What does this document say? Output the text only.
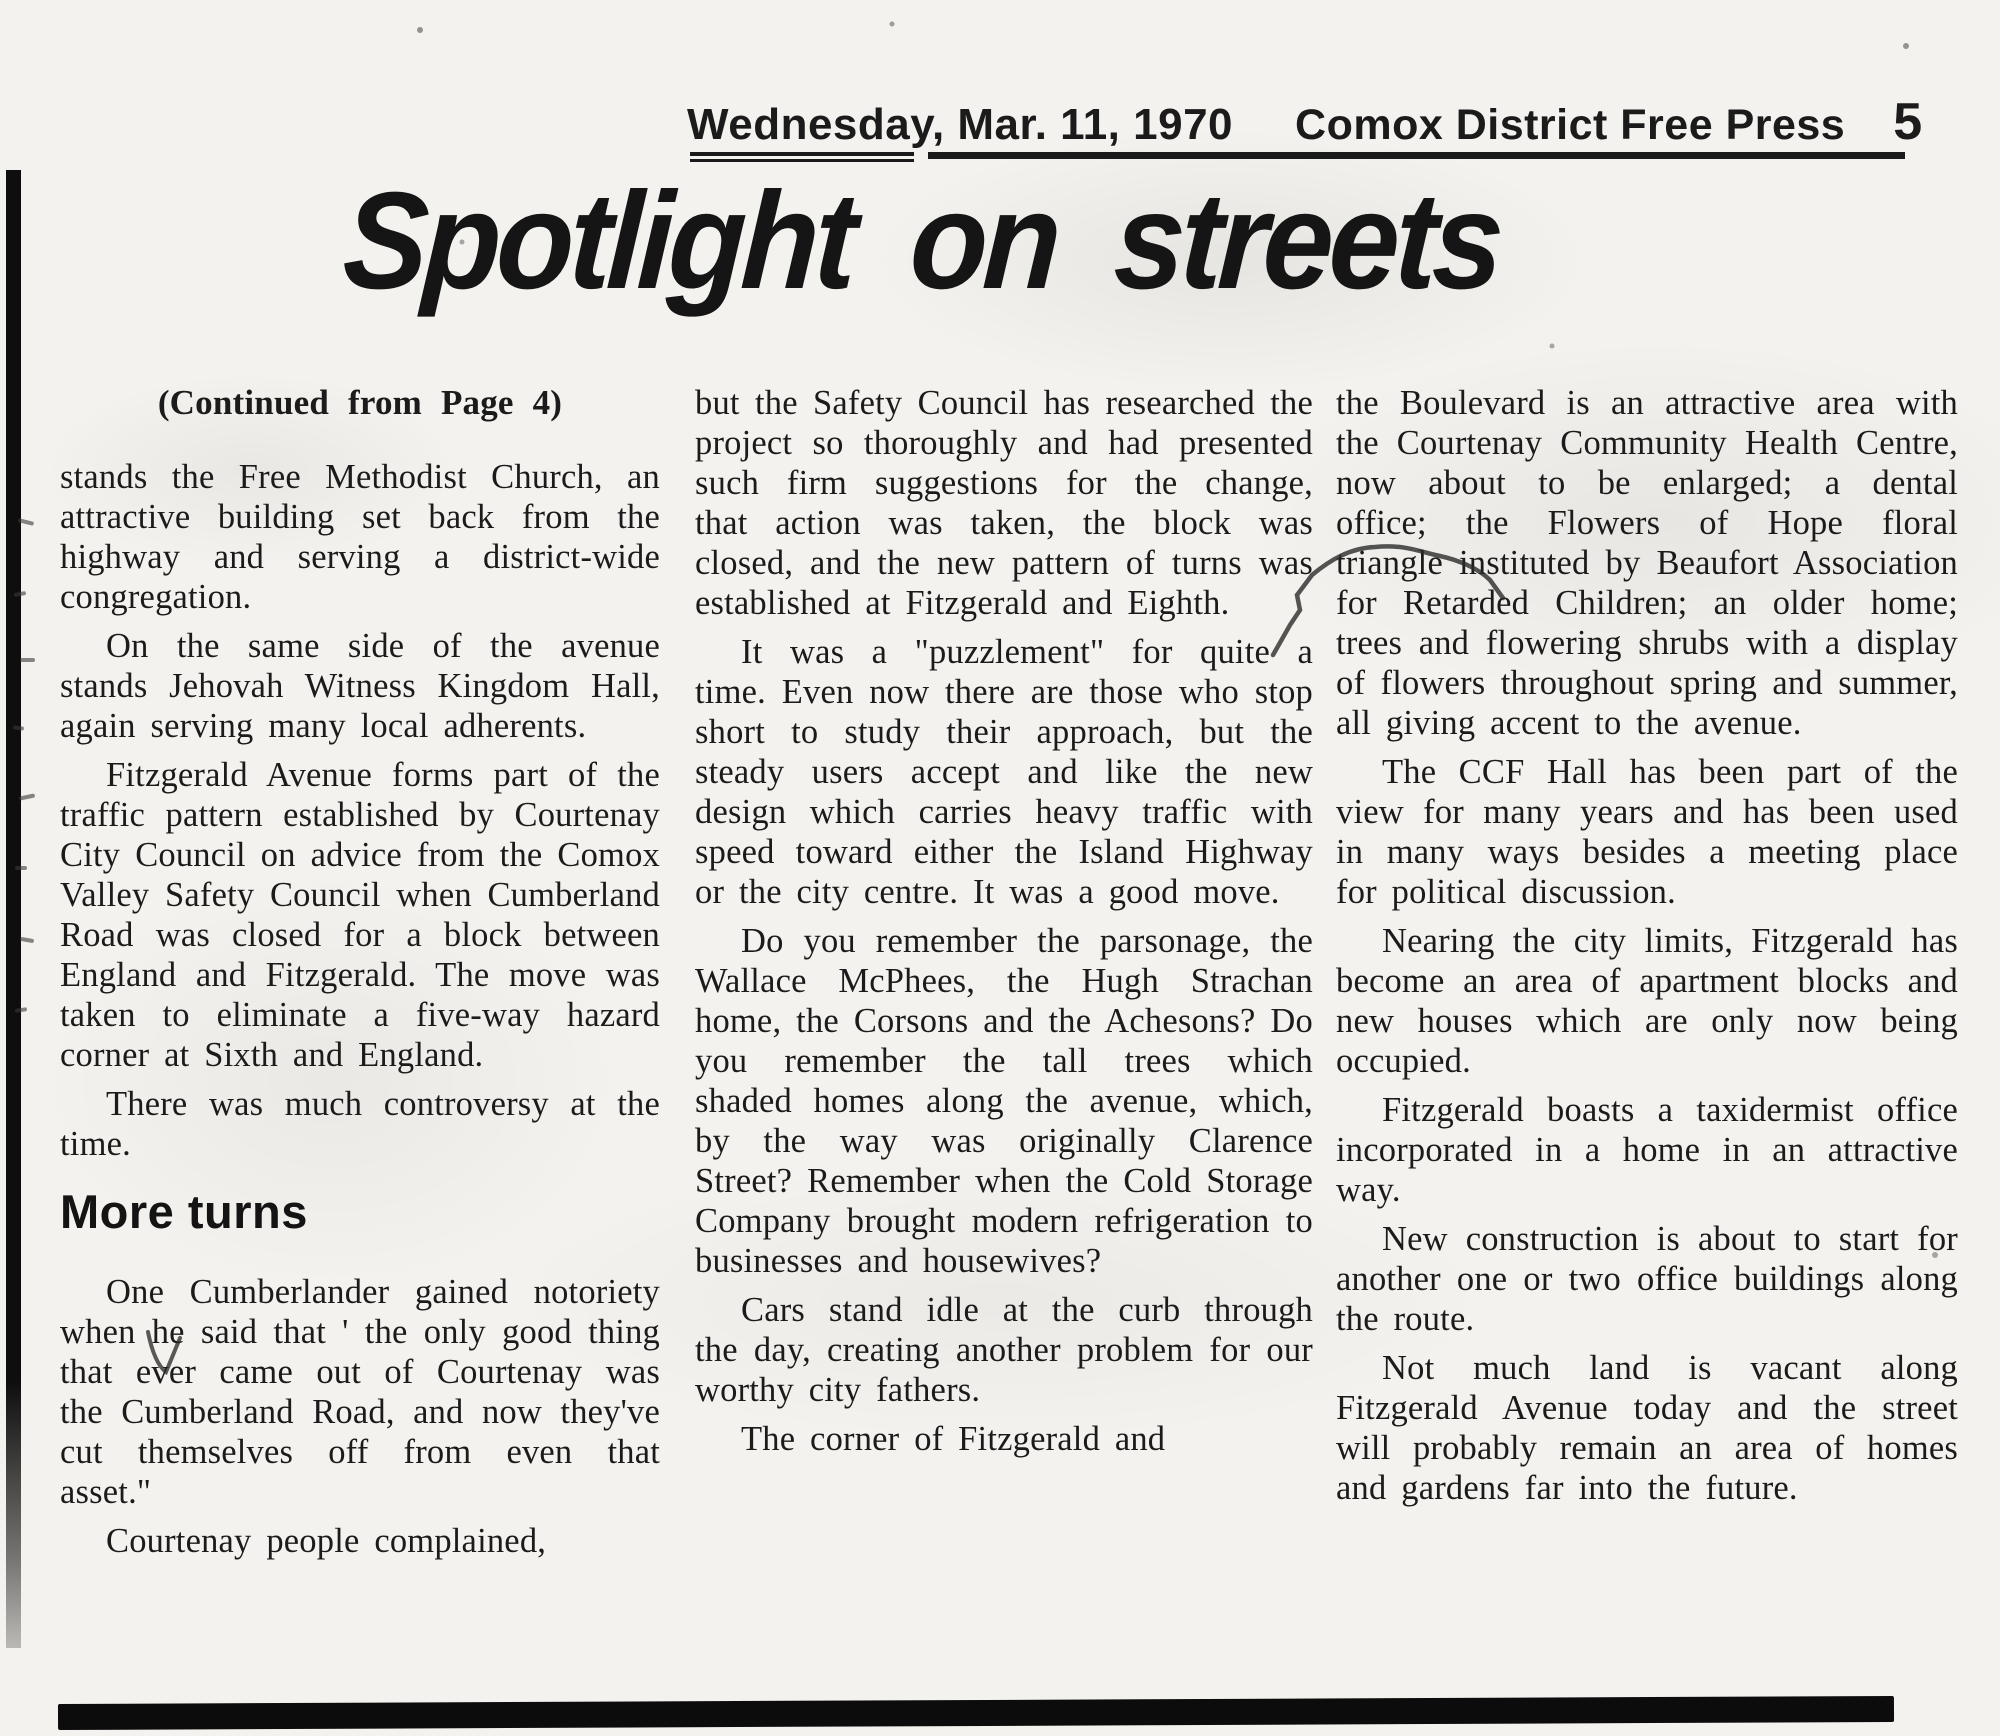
Wednesday, Mar. 11, 1970 Comox District Free Press 5
Spotlight on streets

(Continued from Page 4)

stands the Free Methodist Church, an attractive building set back from the highway and serving a district-wide congregation.

On the same side of the avenue stands Jehovah Witness Kingdom Hall, again serving many local adherents.

Fitzgerald Avenue forms part of the traffic pattern established by Courtenay City Council on advice from the Comox Valley Safety Council when Cumberland Road was closed for a block between England and Fitzgerald. The move was taken to eliminate a five-way hazard corner at Sixth and England.

There was much controversy at the time.

More turns

One Cumberlander gained notoriety when he said that ' the only good thing that ever came out of Courtenay was the Cumberland Road, and now they've cut themselves off from even that asset."

Courtenay people complained,

but the Safety Council has researched the project so thoroughly and had presented such firm suggestions for the change, that action was taken, the block was closed, and the new pattern of turns was established at Fitzgerald and Eighth.

It was a "puzzlement" for quite a time. Even now there are those who stop short to study their approach, but the steady users accept and like the new design which carries heavy traffic with speed toward either the Island Highway or the city centre. It was a good move.

Do you remember the parsonage, the Wallace McPhees, the Hugh Strachan home, the Corsons and the Achesons? Do you remember the tall trees which shaded homes along the avenue, which, by the way was originally Clarence Street? Remember when the Cold Storage Company brought modern refrigeration to businesses and housewives?

Cars stand idle at the curb through the day, creating another problem for our worthy city fathers.

The corner of Fitzgerald and

the Boulevard is an attractive area with the Courtenay Community Health Centre, now about to be enlarged; a dental office; the Flowers of Hope floral triangle instituted by Beaufort Association for Retarded Children; an older home; trees and flowering shrubs with a display of flowers throughout spring and summer, all giving accent to the avenue.

The CCF Hall has been part of the view for many years and has been used in many ways besides a meeting place for political discussion.

Nearing the city limits, Fitzgerald has become an area of apartment blocks and new houses which are only now being occupied.

Fitzgerald boasts a taxidermist office incorporated in a home in an attractive way.

New construction is about to start for another one or two office buildings along the route.

Not much land is vacant along Fitzgerald Avenue today and the street will probably remain an area of homes and gardens far into the future.
